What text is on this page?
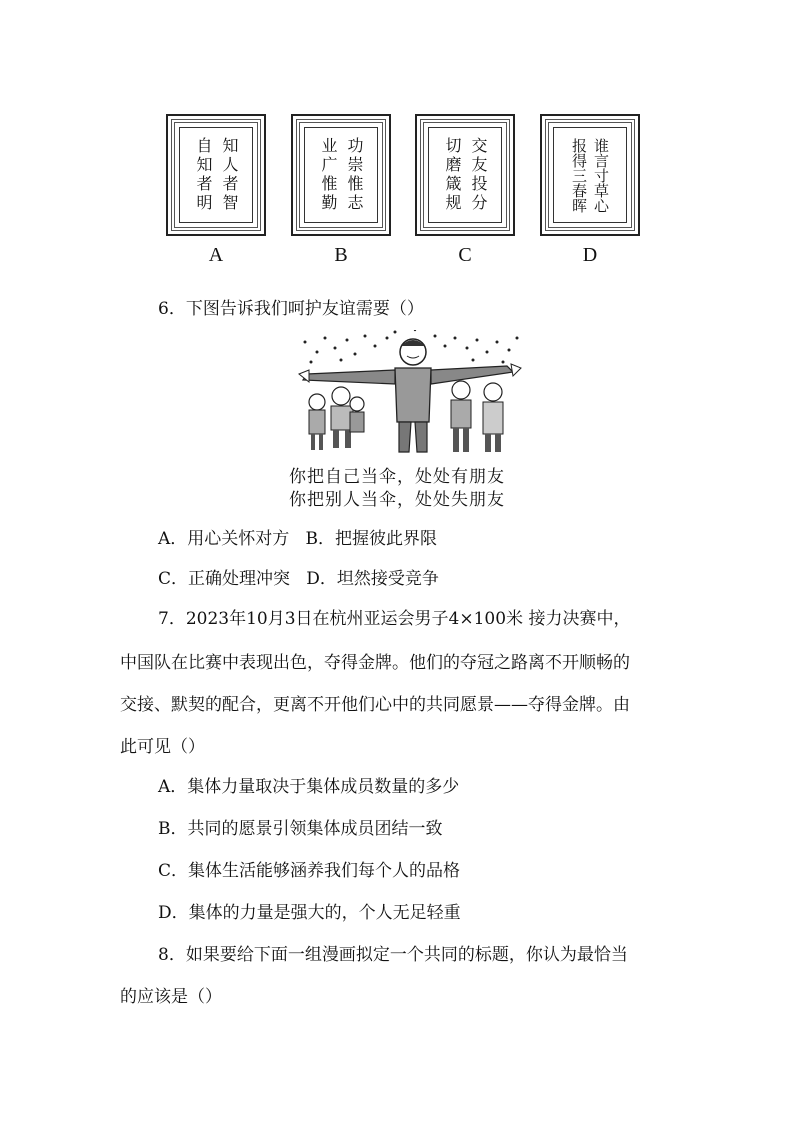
知人者智
自知者明	功崇惟志
业广惟勤	交友投分
切磨箴规	谁言寸草心
报得三春晖
A	B	C	D
6．下图告诉我们呵护友谊需要（）
你把自己当伞，处处有朋友
你把别人当伞，处处失朋友
A．用心关怀对方   B．把握彼此界限
C．正确处理冲突   D．坦然接受竞争
7．2023年10月3日在杭州亚运会男子4×100米 接力决赛中，
中国队在比赛中表现出色，夺得金牌。他们的夺冠之路离不开顺畅的
交接、默契的配合，更离不开他们心中的共同愿景——夺得金牌。由
此可见（）
A．集体力量取决于集体成员数量的多少
B．共同的愿景引领集体成员团结一致
C．集体生活能够涵养我们每个人的品格
D．集体的力量是强大的，个人无足轻重
8．如果要给下面一组漫画拟定一个共同的标题，你认为最恰当
的应该是（）
